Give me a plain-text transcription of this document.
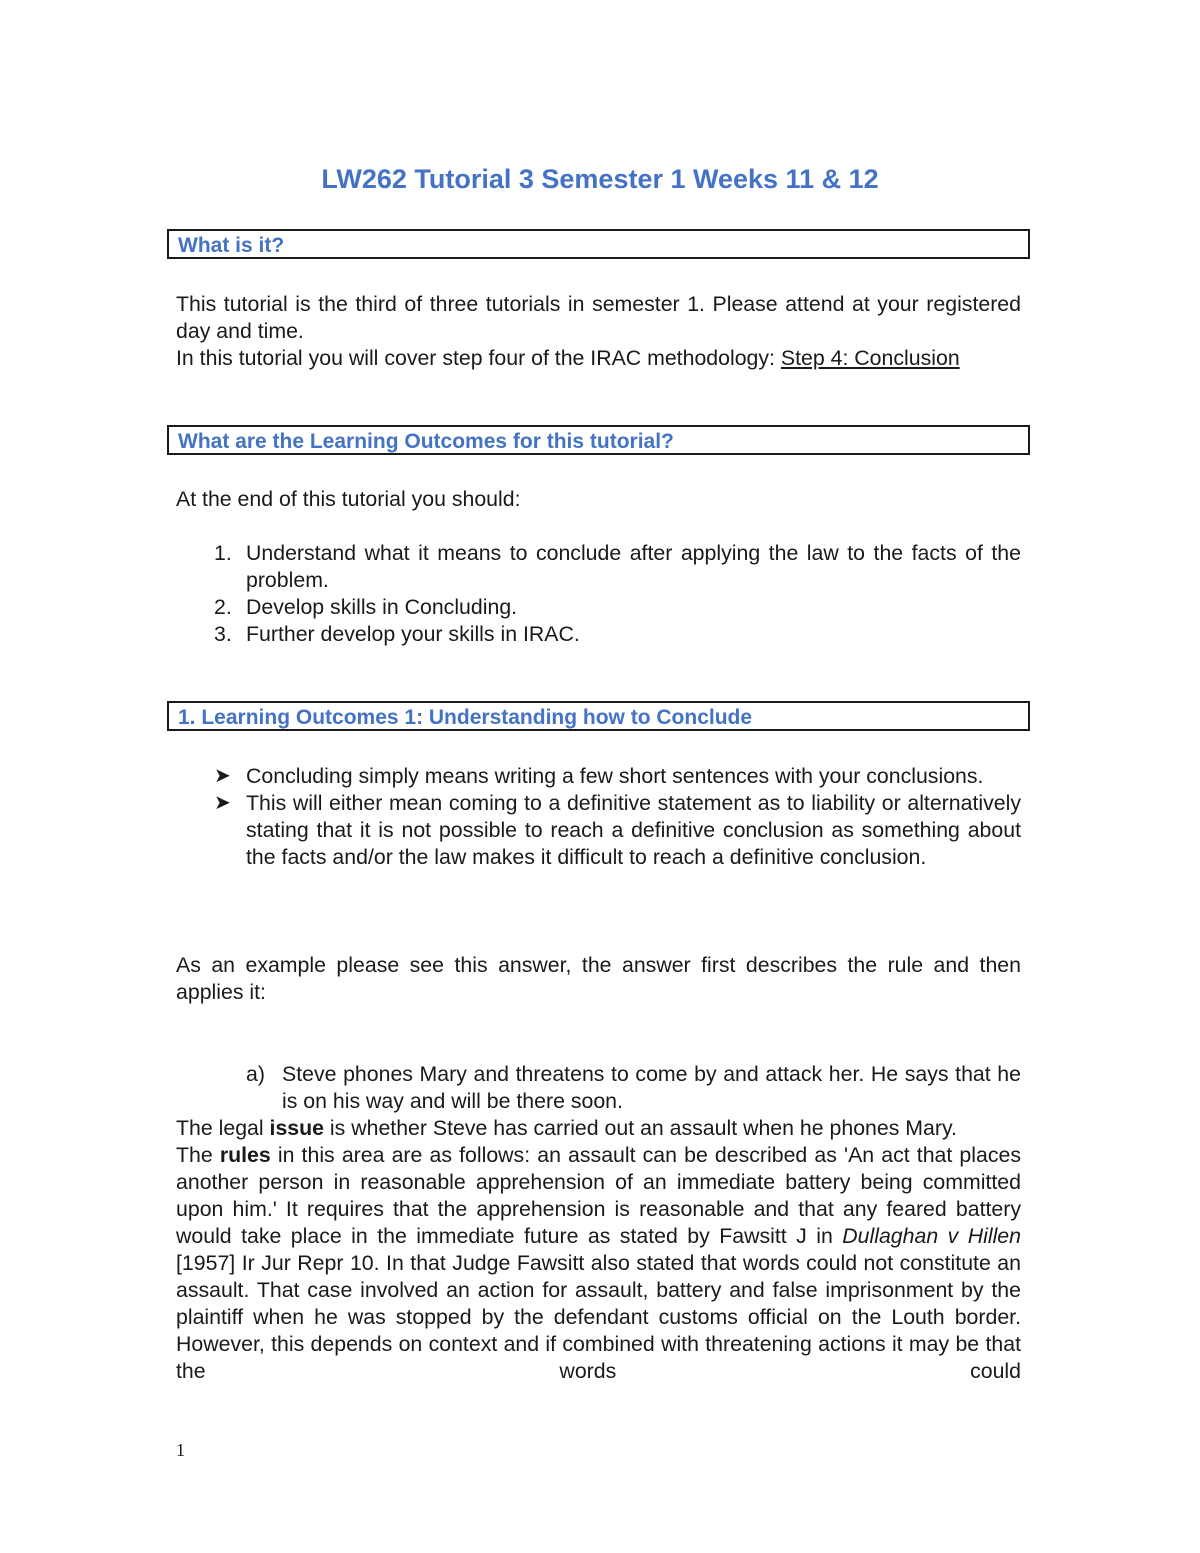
LW262 Tutorial 3 Semester 1 Weeks 11 & 12
What is it?
This tutorial is the third of three tutorials in semester 1. Please attend at your registered day and time.
In this tutorial you will cover step four of the IRAC methodology: Step 4: Conclusion
What are the Learning Outcomes for this tutorial?
At the end of this tutorial you should:
1. Understand what it means to conclude after applying the law to the facts of the problem.
2. Develop skills in Concluding.
3. Further develop your skills in IRAC.
1. Learning Outcomes 1: Understanding how to Conclude
➤ Concluding simply means writing a few short sentences with your conclusions.
➤ This will either mean coming to a definitive statement as to liability or alternatively stating that it is not possible to reach a definitive conclusion as something about the facts and/or the law makes it difficult to reach a definitive conclusion.
As an example please see this answer, the answer first describes the rule and then applies it:
a) Steve phones Mary and threatens to come by and attack her. He says that he is on his way and will be there soon.
The legal issue is whether Steve has carried out an assault when he phones Mary.
The rules in this area are as follows: an assault can be described as 'An act that places another person in reasonable apprehension of an immediate battery being committed upon him.' It requires that the apprehension is reasonable and that any feared battery would take place in the immediate future as stated by Fawsitt J in Dullaghan v Hillen [1957] Ir Jur Repr 10. In that Judge Fawsitt also stated that words could not constitute an assault. That case involved an action for assault, battery and false imprisonment by the plaintiff when he was stopped by the defendant customs official on the Louth border. However, this depends on context and if combined with threatening actions it may be that the words could
1
